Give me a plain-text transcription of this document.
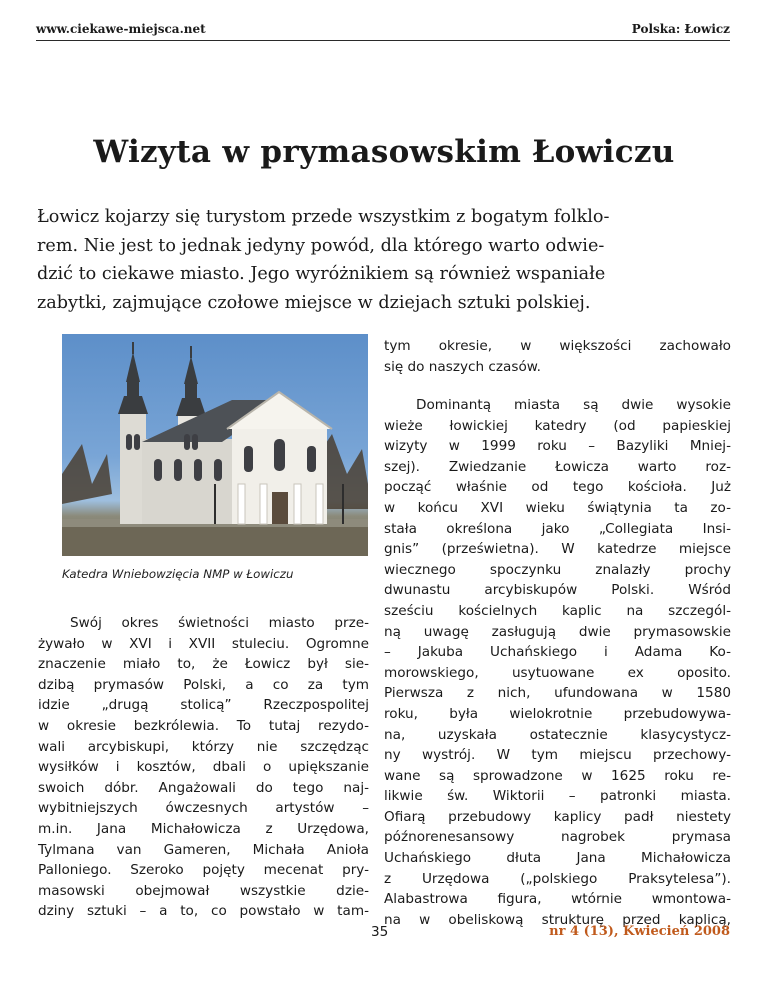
www.ciekawe-miejsca.net	Polska: Łowicz
Wizyta w prymasowskim Łowiczu
Łowicz kojarzy się turystom przede wszystkim z bogatym folklo-
rem. Nie jest to jednak jedyny powód, dla którego warto odwie-
dzić to ciekawe miasto. Jego wyróżnikiem są również wspaniałe
zabytki, zajmujące czołowe miejsce w dziejach sztuki polskiej.
Katedra Wniebowzięcia NMP w Łowiczu
Swój okres świetności miasto prze-
żywało w XVI i XVII stuleciu. Ogromne
znaczenie miało to, że Łowicz był sie-
dzibą prymasów Polski, a co za tym
idzie „drugą stolicą” Rzeczpospolitej
w okresie bezkrólewia. To tutaj rezydo-
wali arcybiskupi, którzy nie szczędząc
wysiłków i kosztów, dbali o upiększanie
swoich dóbr. Angażowali do tego naj-
wybitniejszych ówczesnych artystów –
m.in. Jana Michałowicza z Urzędowa,
Tylmana van Gameren, Michała Anioła
Palloniego. Szeroko pojęty mecenat pry-
masowski obejmował wszystkie dzie-
dziny sztuki – a to, co powstało w tam-
tym okresie, w większości zachowało
się do naszych czasów.
Dominantą miasta są dwie wysokie
wieże łowickiej katedry (od papieskiej
wizyty w 1999 roku – Bazyliki Mniej-
szej). Zwiedzanie Łowicza warto roz-
począć właśnie od tego kościoła. Już
w końcu XVI wieku świątynia ta zo-
stała określona jako „Collegiata Insi-
gnis” (prześwietna). W katedrze miejsce
wiecznego spoczynku znalazły prochy
dwunastu arcybiskupów Polski. Wśród
sześciu kościelnych kaplic na szczegól-
ną uwagę zasługują dwie prymasowskie
– Jakuba Uchańskiego i Adama Ko-
morowskiego, usytuowane ex oposito.
Pierwsza z nich, ufundowana w 1580
roku, była wielokrotnie przebudowywa-
na, uzyskała ostatecznie klasycystycz-
ny wystrój. W tym miejscu przechowy-
wane są sprowadzone w 1625 roku re-
likwie św. Wiktorii – patronki miasta.
Ofiarą przebudowy kaplicy padł niestety
późnorenesansowy nagrobek prymasa
Uchańskiego dłuta Jana Michałowicza
z Urzędowa („polskiego Praksytelesa”).
Alabastrowa figura, wtórnie wmontowa-
na w obeliskową strukturę przed kaplicą,
35	nr 4 (13), Kwiecień 2008
